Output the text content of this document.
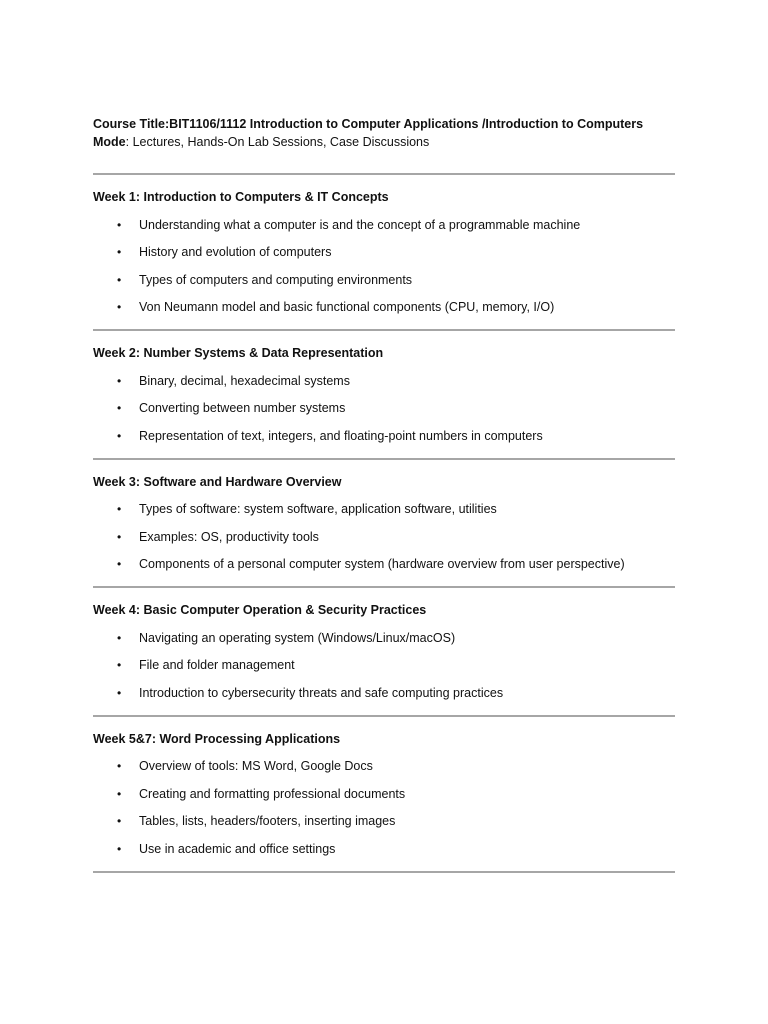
Course Title:BIT1106/1112 Introduction to Computer Applications /Introduction to Computers

Mode: Lectures, Hands-On Lab Sessions, Case Discussions

Week 1: Introduction to Computers & IT Concepts

• Understanding what a computer is and the concept of a programmable machine
• History and evolution of computers
• Types of computers and computing environments
• Von Neumann model and basic functional components (CPU, memory, I/O)

Week 2: Number Systems & Data Representation

• Binary, decimal, hexadecimal systems
• Converting between number systems
• Representation of text, integers, and floating-point numbers in computers

Week 3: Software and Hardware Overview

• Types of software: system software, application software, utilities
• Examples: OS, productivity tools
• Components of a personal computer system (hardware overview from user perspective)

Week 4: Basic Computer Operation & Security Practices

• Navigating an operating system (Windows/Linux/macOS)
• File and folder management
• Introduction to cybersecurity threats and safe computing practices

Week 5&7: Word Processing Applications

• Overview of tools: MS Word, Google Docs
• Creating and formatting professional documents
• Tables, lists, headers/footers, inserting images
• Use in academic and office settings
